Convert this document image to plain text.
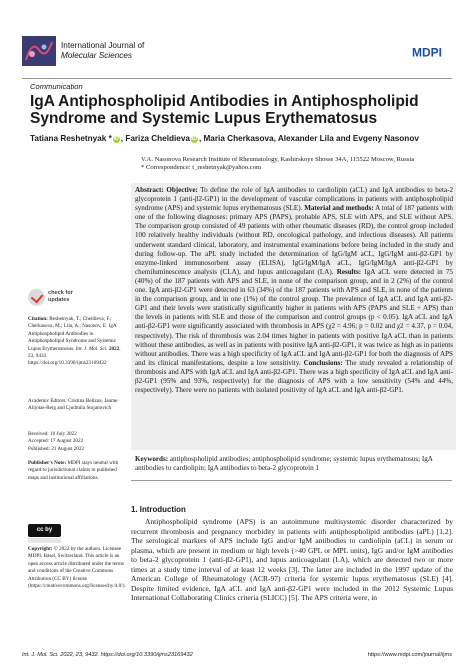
International Journal of
Molecular Sciences	MDPI
Communication
IgA Antiphospholipid Antibodies in Antiphospholipid Syndrome and Systemic Lupus Erythematosus
Tatiana Reshetnyak * iD , Fariza Cheldieva iD , Maria Cherkasova, Alexander Lila and Evgeny Nasonov
V.A. Nasonova Research Institute of Rheumatology, Kashirskoye Shosse 34A, 115522 Moscow, Russia
* Correspondence: t_reshetnyak@yahoo.com
check for
updates
Citation: Reshetnyak, T.; Cheldieva, F.; Cherkasova, M.; Lila, A.; Nasonov, E. IgA Antiphospholipid Antibodies in Antiphospholipid Syndrome and Systemic Lupus Erythematosus. Int. J. Mol. Sci. 2022, 23, 9432. https://doi.org/10.3390/ijms23169432
Academic Editors: Cristina Belizna, Jaume Alijotas-Reig and Ljudmila Stojanovich
Received: 10 July 2022
Accepted: 17 August 2022
Published: 21 August 2022
Publisher's Note: MDPI stays neutral with regard to jurisdictional claims in published maps and institutional affiliations.
cc by
Copyright: © 2022 by the authors. Licensee MDPI, Basel, Switzerland. This article is an open access article distributed under the terms and conditions of the Creative Commons Attribution (CC BY) license (https://creativecommons.org/licenses/by/4.0/).
Abstract: Objective: To define the role of IgA antibodies to cardiolipin (aCL) and IgA antibodies to beta-2 glycoprotein 1 (anti-β2-GP1) in the development of vascular complications in patients with antiphospholipid syndrome (APS) and systemic lupus erythematosus (SLE). Material and methods: A total of 187 patients with one of the following diagnoses: primary APS (PAPS), probable APS, SLE with APS, and SLE without APS. The comparison group consisted of 49 patients with other rheumatic diseases (RD), the control group included 100 relatively healthy individuals (without RD, oncological pathology, and infectious diseases). All patients underwent standard clinical, laboratory, and instrumental examinations before being included in the study and during follow-up. The aPL study included the determination of IgG/IgM aCL, IgG/IgM anti-β2-GP1 by enzyme-linked immunosorbent assay (ELISA), IgG/IgM/IgA aCL, IgG/IgM/IgA anti-β2-GP1 by chemiluminescence analysis (CLA), and lupus anticoagulant (LA). Results: IgA aCL were detected in 75 (40%) of the 187 patients with APS and SLE, in none of the comparison group, and in 2 (2%) of the control one. IgA anti-β2-GP1 were detected in 63 (34%) of the 187 patients with APS and SLE, in none of the patients in the comparison group, and in one (1%) of the control group. The prevalence of IgA aCL and IgA anti-β2-GP1 and their levels were statistically significantly higher in patients with APS (PAPS and SLE + APS) than the levels in patients with SLE and those of the comparison and control groups (p < 0.05). IgA aCL and IgA anti-β2-GP1 were significantly associated with thrombosis in APS (χ2 = 4.96; p = 0.02 and χ2 = 4.37, p = 0.04, respectively). The risk of thrombosis was 2.04 times higher in patients with positive IgA aCL than in patients without these antibodies, as well as in patients with positive IgA anti-β2-GP1, it was twice as high as in patients without antibodies. There was a high specificity of IgA aCL and IgA anti-β2-GP1 for both the diagnosis of APS and its clinical manifestations, despite a low sensitivity. Conclusions: The study revealed a relationship of thrombosis and APS with IgA aCL and IgA anti-β2-GP1. There was a high specificity of IgA aCL and IgA anti-β2-GP1 (95% and 93%, respectively) for the diagnosis of APS with a low sensitivity (54% and 44%, respectively). There were no patients with isolated positivity of IgA aCL and IgA anti-β2-GP1.
Keywords: antiphospholipid antibodies; antiphospholipid syndrome; systemic lupus erythematosus; IgA antibodies to cardiolipin; IgA antibodies to beta-2 glycoprotein 1
1. Introduction
Antiphospholipid syndrome (APS) is an autoimmune multisystemic disorder characterized by recurrent thrombosis and pregnancy morbidity in patients with antiphospholipid antibodies (aPL) [1,2]. The serological markers of APS include IgG and/or IgM antibodies to cardiolipin (aCL) in serum or plasma, which are present in medium or high levels (>40 GPL or MPL units), IgG and/or IgM antibodies to beta-2 glycoprotein 1 (anti-β2-GP1), and lupus anticoagulant (LA), which are detected two or more times at a study time interval of at least 12 weeks [3]. The latter are included in the 1997 update of the American College of Rheumatology (ACR-97) criteria for systemic lupus erythematosus (SLE) [4]. Despite limited evidence, IgA aCL and IgA anti-β2-GP1 were included in the 2012 Systemic Lupus International Collaborating Clinics criteria (SLICC) [5]. The APS criteria were, in
Int. J. Mol. Sci. 2022, 23, 9432. https://doi.org/10.3390/ijms23169432	https://www.mdpi.com/journal/ijms
